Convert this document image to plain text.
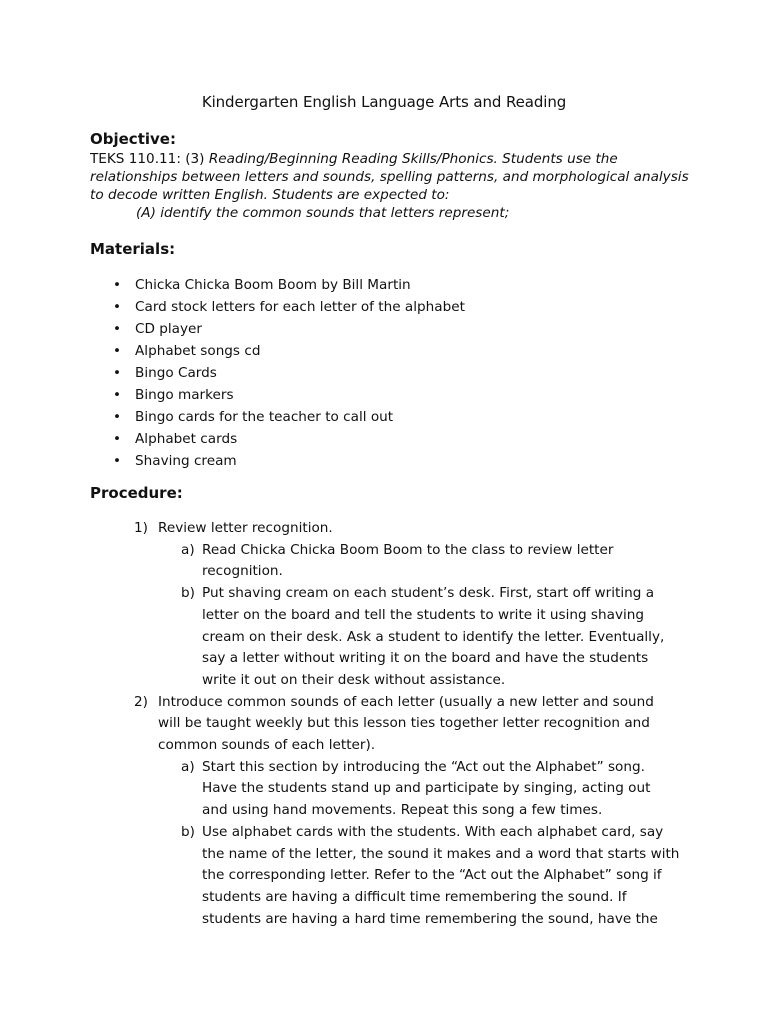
Kindergarten English Language Arts and Reading
Objective:
TEKS 110.11: (3) Reading/Beginning Reading Skills/Phonics. Students use the relationships between letters and sounds, spelling patterns, and morphological analysis to decode written English. Students are expected to:
(A) identify the common sounds that letters represent;
Materials:
• Chicka Chicka Boom Boom by Bill Martin
• Card stock letters for each letter of the alphabet
• CD player
• Alphabet songs cd
• Bingo Cards
• Bingo markers
• Bingo cards for the teacher to call out
• Alphabet cards
• Shaving cream
Procedure:
1) Review letter recognition.
a) Read Chicka Chicka Boom Boom to the class to review letter recognition.
b) Put shaving cream on each student’s desk. First, start off writing a letter on the board and tell the students to write it using shaving cream on their desk. Ask a student to identify the letter. Eventually, say a letter without writing it on the board and have the students write it out on their desk without assistance.
2) Introduce common sounds of each letter (usually a new letter and sound will be taught weekly but this lesson ties together letter recognition and common sounds of each letter).
a) Start this section by introducing the “Act out the Alphabet” song. Have the students stand up and participate by singing, acting out and using hand movements. Repeat this song a few times.
b) Use alphabet cards with the students. With each alphabet card, say the name of the letter, the sound it makes and a word that starts with the corresponding letter. Refer to the “Act out the Alphabet” song if students are having a difficult time remembering the sound. If students are having a hard time remembering the sound, have the
